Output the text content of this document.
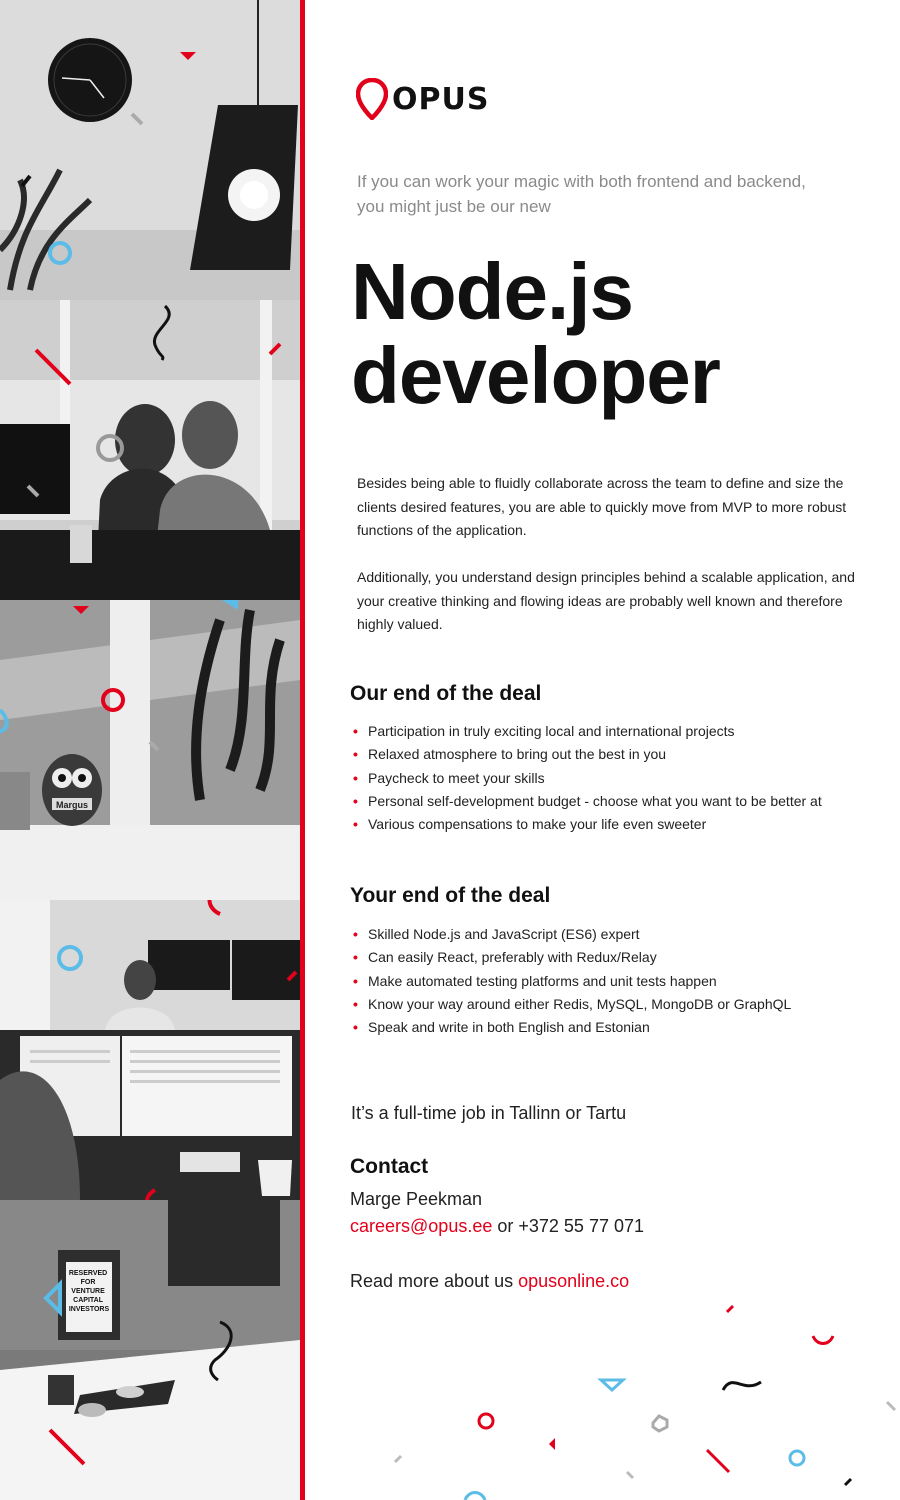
Margus
RESERVED FOR VENTURE CAPITAL INVESTORS
OPUS
If you can work your magic with both frontend and backend, you might just be our new
Node.js
developer
Besides being able to fluidly collaborate across the team to define and size the clients desired features, you are able to quickly move from MVP to more robust functions of the application.
Additionally, you understand design principles behind a scalable application, and your creative thinking and flowing ideas are probably well known and therefore highly valued.
Our end of the deal
• Participation in truly exciting local and international projects
• Relaxed atmosphere to bring out the best in you
• Paycheck to meet your skills
• Personal self-development budget - choose what you want to be better at
• Various compensations to make your life even sweeter
Your end of the deal
• Skilled Node.js and JavaScript (ES6) expert
• Can easily React, preferably with Redux/Relay
• Make automated testing platforms and unit tests happen
• Know your way around either Redis, MySQL, MongoDB or GraphQL
• Speak and write in both English and Estonian
It’s a full-time job in Tallinn or Tartu
Contact
Marge Peekman
careers@opus.ee or +372 55 77 071
Read more about us opusonline.co
